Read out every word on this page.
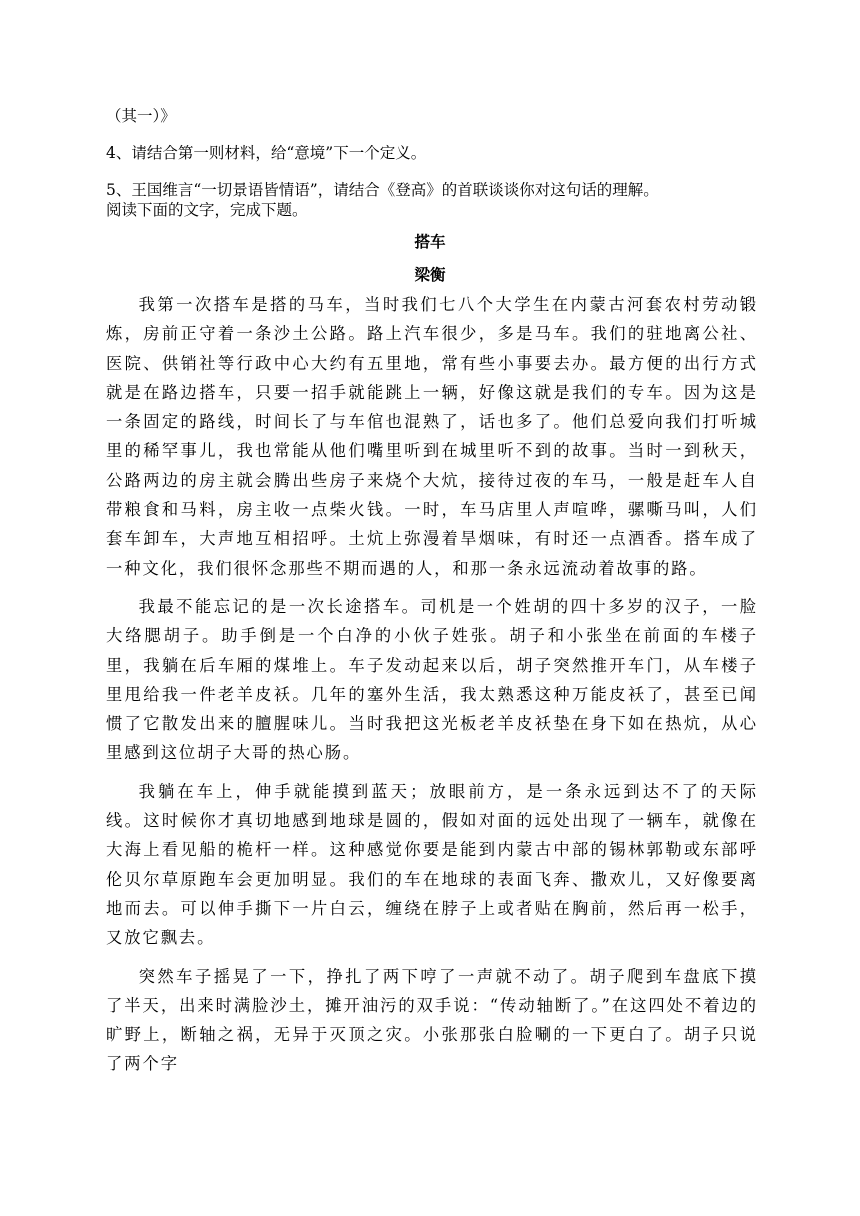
（其一）》
4、请结合第一则材料，给“意境”下一个定义。
5、王国维言“一切景语皆情语”，请结合《登高》的首联谈谈你对这句话的理解。
阅读下面的文字，完成下题。
搭车
梁衡

我第一次搭车是搭的马车，当时我们七八个大学生在内蒙古河套农村劳动锻炼，房前正守着一条沙土公路。路上汽车很少，多是马车。我们的驻地离公社、医院、供销社等行政中心大约有五里地，常有些小事要去办。最方便的出行方式就是在路边搭车，只要一招手就能跳上一辆，好像这就是我们的专车。因为这是一条固定的路线，时间长了与车倌也混熟了，话也多了。他们总爱向我们打听城里的稀罕事儿，我也常能从他们嘴里听到在城里听不到的故事。当时一到秋天，公路两边的房主就会腾出些房子来烧个大炕，接待过夜的车马，一般是赶车人自带粮食和马料，房主收一点柴火钱。一时，车马店里人声喧哗，骡嘶马叫，人们套车卸车，大声地互相招呼。土炕上弥漫着旱烟味，有时还一点酒香。搭车成了一种文化，我们很怀念那些不期而遇的人，和那一条永远流动着故事的路。

我最不能忘记的是一次长途搭车。司机是一个姓胡的四十多岁的汉子，一脸大络腮胡子。助手倒是一个白净的小伙子姓张。胡子和小张坐在前面的车楼子里，我躺在后车厢的煤堆上。车子发动起来以后，胡子突然推开车门，从车楼子里甩给我一件老羊皮袄。几年的塞外生活，我太熟悉这种万能皮袄了，甚至已闻惯了它散发出来的膻腥味儿。当时我把这光板老羊皮袄垫在身下如在热炕，从心里感到这位胡子大哥的热心肠。

我躺在车上，伸手就能摸到蓝天；放眼前方，是一条永远到达不了的天际线。这时候你才真切地感到地球是圆的，假如对面的远处出现了一辆车，就像在大海上看见船的桅杆一样。这种感觉你要是能到内蒙古中部的锡林郭勒或东部呼伦贝尔草原跑车会更加明显。我们的车在地球的表面飞奔、撒欢儿，又好像要离地而去。可以伸手撕下一片白云，缠绕在脖子上或者贴在胸前，然后再一松手，又放它飘去。

突然车子摇晃了一下，挣扎了两下哼了一声就不动了。胡子爬到车盘底下摸了半天，出来时满脸沙土，摊开油污的双手说：“传动轴断了。”在这四处不着边的旷野上，断轴之祸，无异于灭顶之灾。小张那张白脸唰的一下更白了。胡子只说了两个字
